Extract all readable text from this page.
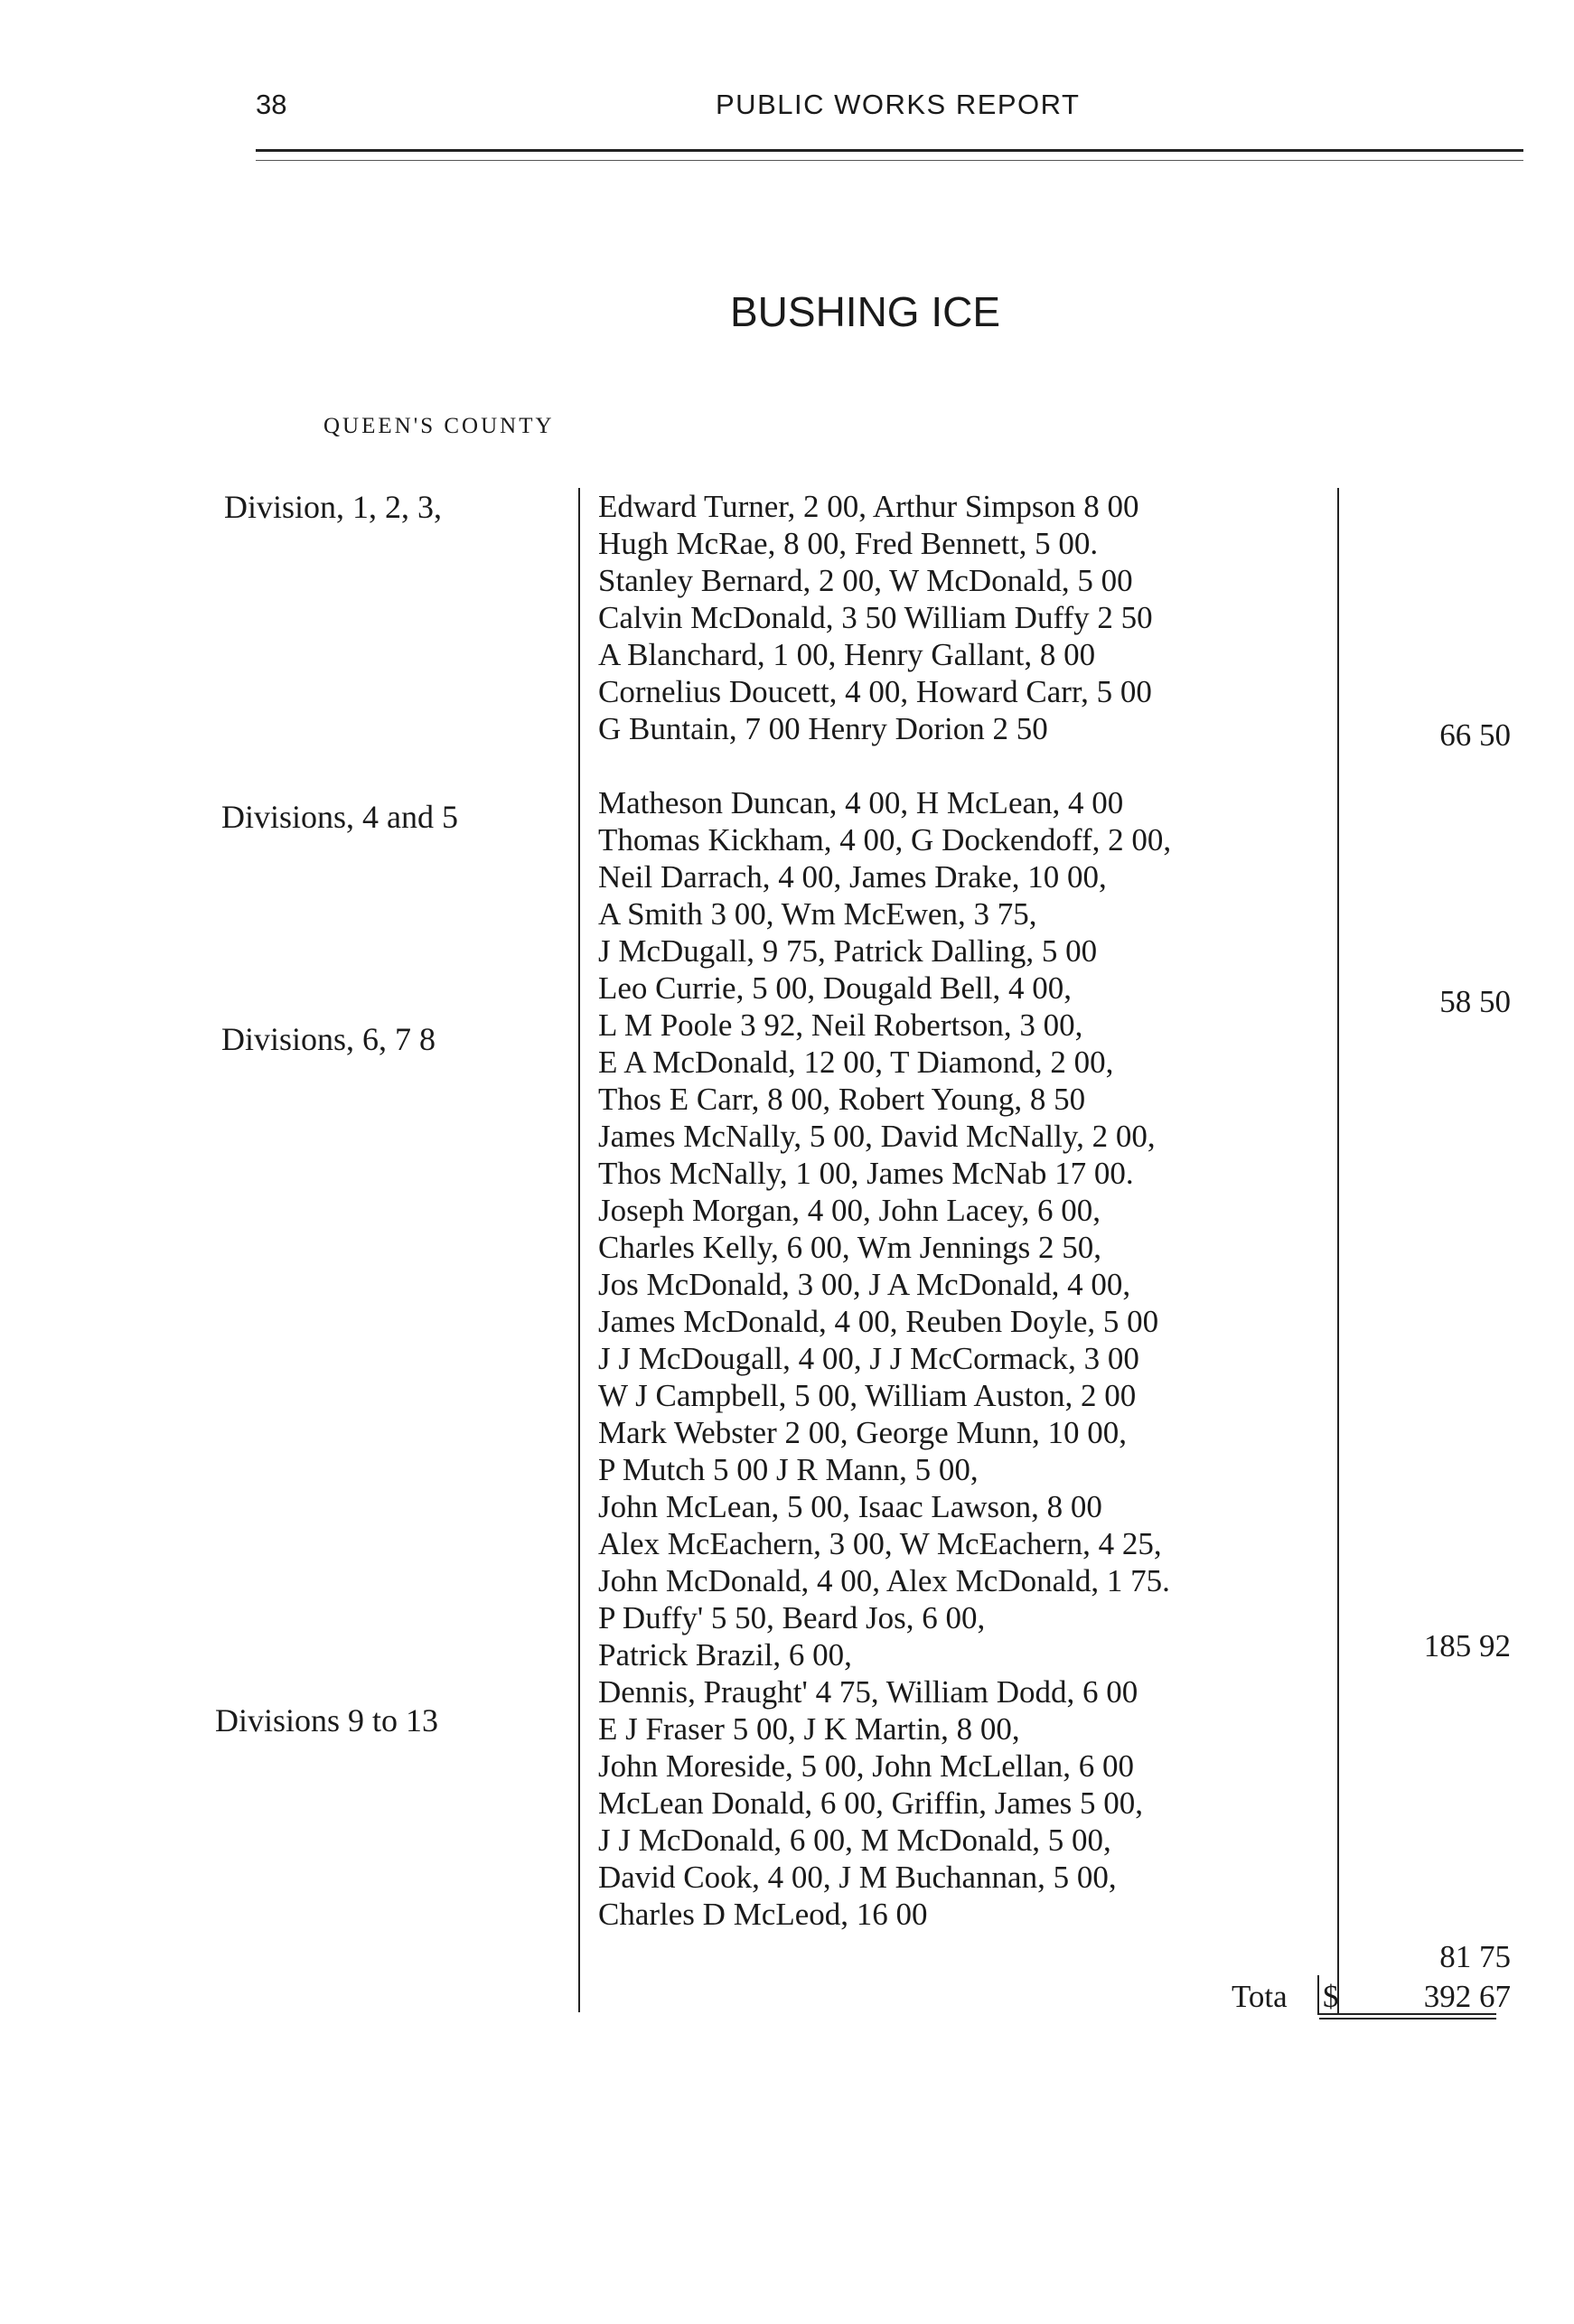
38	PUBLIC WORKS REPORT
BUSHING ICE
QUEEN'S COUNTY
Division, 1, 2, 3,
Divisions, 4 and 5
Divisions, 6, 7 8
Divisions 9 to 13
Edward Turner, 2 00, Arthur Simpson 8 00
Hugh McRae, 8 00, Fred Bennett, 5 00.
Stanley Bernard, 2 00, W McDonald, 5 00
Calvin McDonald, 3 50 William Duffy 2 50
A Blanchard, 1 00, Henry Gallant, 8 00
Cornelius Doucett, 4 00, Howard Carr, 5 00
G Buntain, 7 00 Henry Dorion 2 50
Matheson Duncan, 4 00, H McLean, 4 00
Thomas Kickham, 4 00, G Dockendoff, 2 00,
Neil Darrach, 4 00, James Drake, 10 00,
A Smith 3 00, Wm McEwen, 3 75,
J McDugall, 9 75, Patrick Dalling, 5 00
Leo Currie, 5 00, Dougald Bell, 4 00,
L M Poole 3 92, Neil Robertson, 3 00,
E A McDonald, 12 00, T Diamond, 2 00,
Thos E Carr, 8 00, Robert Young, 8 50
James McNally, 5 00, David McNally, 2 00,
Thos McNally, 1 00, James McNab 17 00.
Joseph Morgan, 4 00, John Lacey, 6 00,
Charles Kelly, 6 00, Wm Jennings 2 50,
Jos McDonald, 3 00, J A McDonald, 4 00,
James McDonald, 4 00, Reuben Doyle, 5 00
J J McDougall, 4 00, J J McCormack, 3 00
W J Campbell, 5 00, William Auston, 2 00
Mark Webster 2 00, George Munn, 10 00,
P Mutch 5 00 J R Mann, 5 00,
John McLean, 5 00, Isaac Lawson, 8 00
Alex McEachern, 3 00, W McEachern, 4 25,
John McDonald, 4 00, Alex McDonald, 1 75.
P Duffy' 5 50, Beard Jos, 6 00,
Patrick Brazil, 6 00,
Dennis, Praught' 4 75, William Dodd, 6 00
E J Fraser 5 00, J K Martin, 8 00,
John Moreside, 5 00, John McLellan, 6 00
McLean Donald, 6 00, Griffin, James 5 00,
J J McDonald, 6 00, M McDonald, 5 00,
David Cook, 4 00, J M Buchannan, 5 00,
Charles D McLeod, 16 00
66 50
58 50
185 92
81 75
Tota $	392 67
